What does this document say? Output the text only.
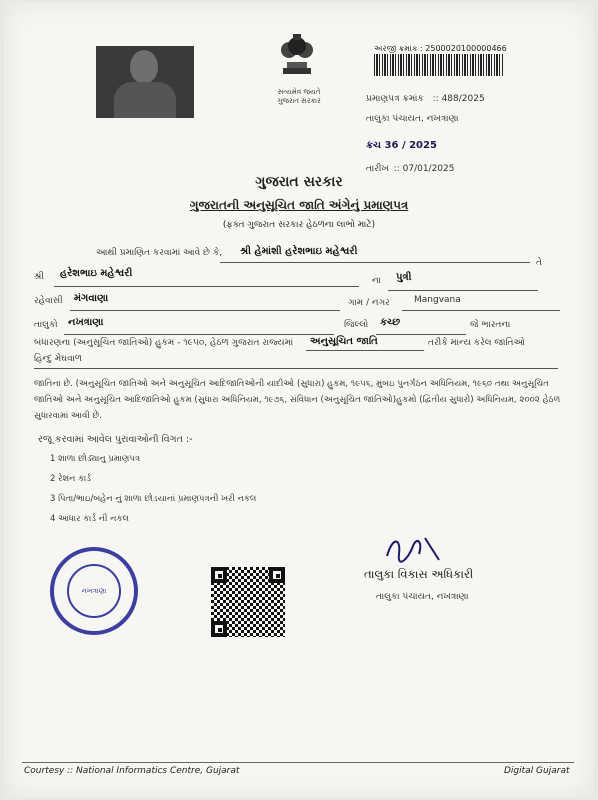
સત્યમેવ જયતે
ગુજરાત સરકાર
અરજી ક્રમાંક : 2500020100000466
પ્રમાણપત્ર ક્રમાંક :: 488/2025
તાલુકા પંચાયત, નખત્રાણા
ક્રચ 36 / 2025
તારીખ :: 07/01/2025
ગુજરાત સરકાર
ગુજરાતની અનુસૂચિત જાતિ અંગેનું પ્રમાણપત્ર
(ફક્ત ગુજરાત સરકાર હેઠળના લાભો માટે)
આથી પ્રમાણિત કરવામાં આવે છે કે, શ્રી હેમાંશી હરેશભાઇ મહેશ્વરી
તે
શ્રી હરેશભાઇ મહેશ્વરી
ના પુત્રી
રહેવાસી મંગવાણા	ગામ / નગર	Mangvana
તાલુકો નખત્રાણા	જિલ્લો કચ્છ	જે ભારતના
બંધારણના (અનુસૂચિત જાતિઓ) હુકમ - ૧૯૫૦, હેઠળ ગુજરાત રાજ્યમાં અનુસૂચિત જાતિ	તરીકે માન્ય કરેલ જાતિઓ
હિન્દુ મેઘવાળ
જાતિના છે. (અનુસૂચિત જાતિઓ અને અનુસૂચિત આદિજાતિઓની યાદીઓ (સુધારા) હુકમ, ૧૯૫૬, મુંબઇ પુનર્ગઠન અધિનિયમ, ૧૯૬૦ તથા અનુસૂચિત જાતિઓ અને અનુસૂચિત આદિજાતિઓ હુકમ (સુધારા અધિનિયમ, ૧૯૭૬, સંવિધાન (અનુસૂચિત જાતિઓ)હુકમો (દ્વિતીય સુધારો) અધિનિયમ, ૨૦૦૨ હેઠળ સુધારવામાં આવી છે.
રજૂ કરવામાં આવેલ પુરાવાઓની વિગત :-
1 શાળા છોડ્યાનુ પ્રમાણપત્ર
2 રેશન કાર્ડ
3 પિતા/ભાઇ/બહેન નું શાળા છોડયાનાં પ્રમાણપત્રની ખરી નકલ
4 આધાર કાર્ડ ની નકલ
નખત્રાણા
તાલુકા વિકાસ અધિકારી
તાલુકા પંચાયત, નખત્રાણા
Courtesy :: National Informatics Centre, Gujarat	Digital Gujarat
